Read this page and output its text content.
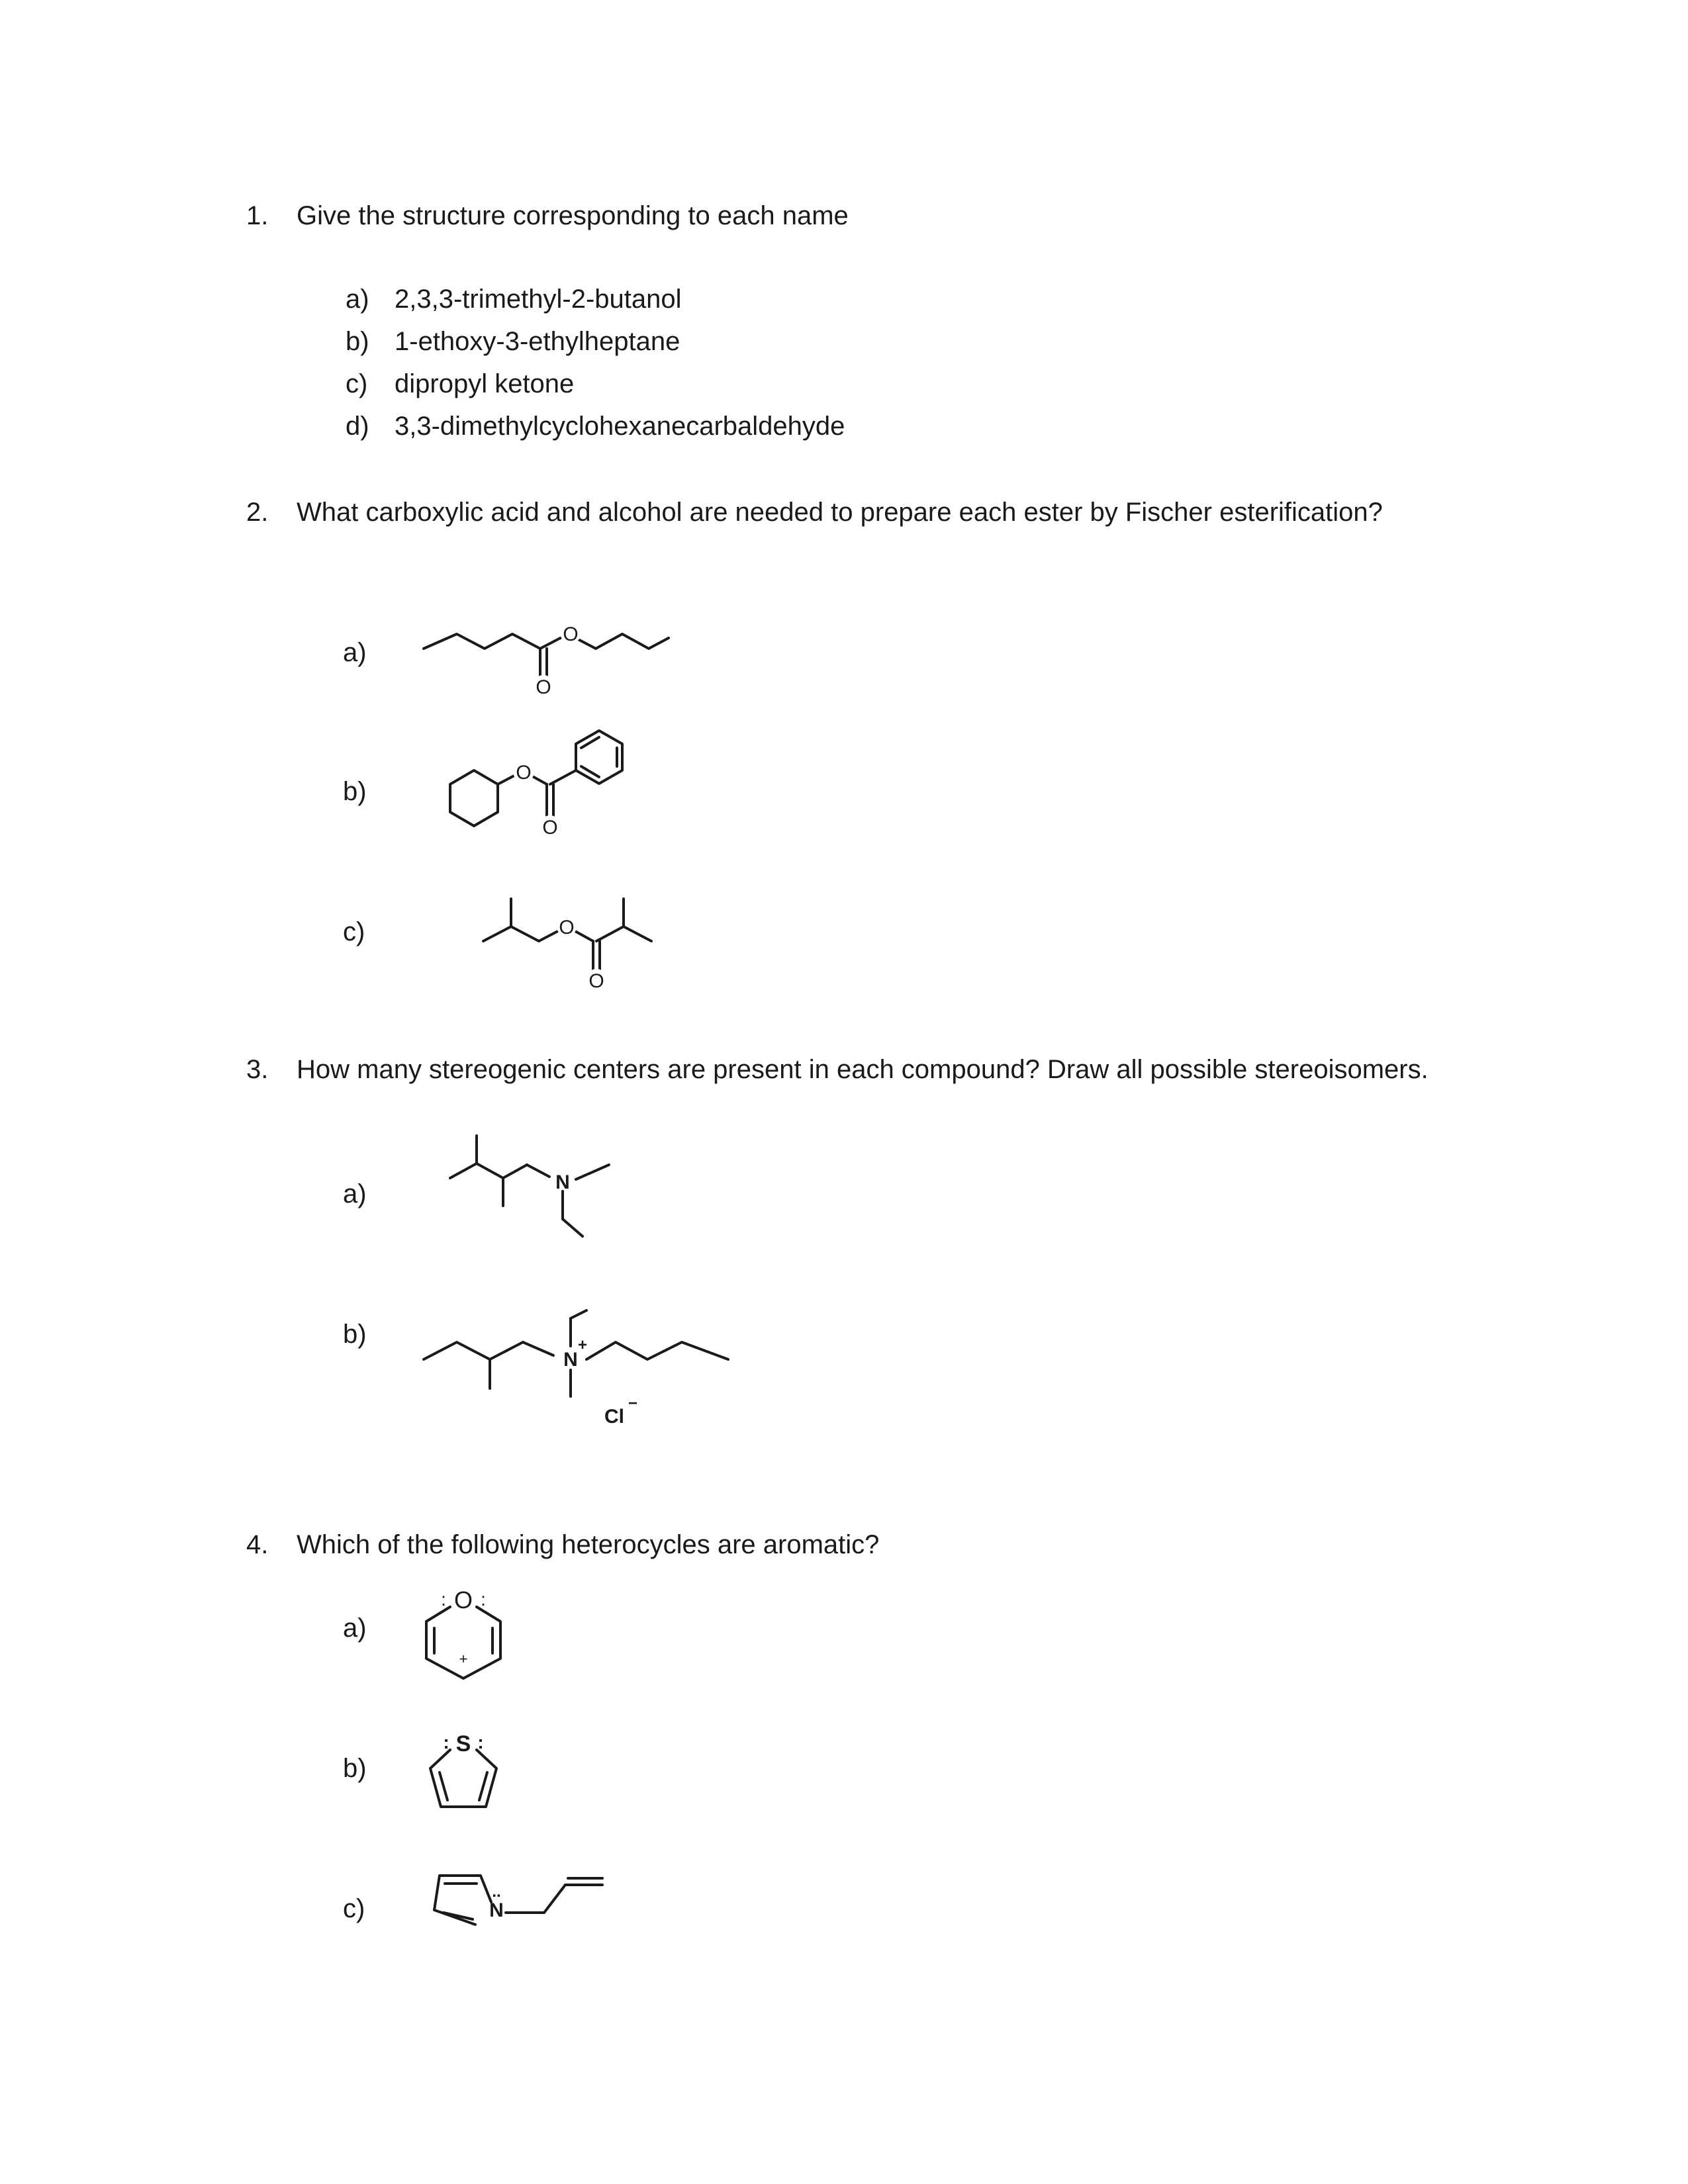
1. Give the structure corresponding to each name
a) 2,3,3-trimethyl-2-butanol
b) 1-ethoxy-3-ethylheptane
c) dipropyl ketone
d) 3,3-dimethylcyclohexanecarbaldehyde
2. What carboxylic acid and alcohol are needed to prepare each ester by Fischer esterification?
a)
O
O
b)
O
O
c)	O
O
3. How many stereogenic centers are present in each compound? Draw all possible stereoisomers.
a)	N
b)
N
+
Cl
−
4. Which of the following heterocycles are aromatic?
a)
O
: :
+
b)
S
: :
c)	N
..
